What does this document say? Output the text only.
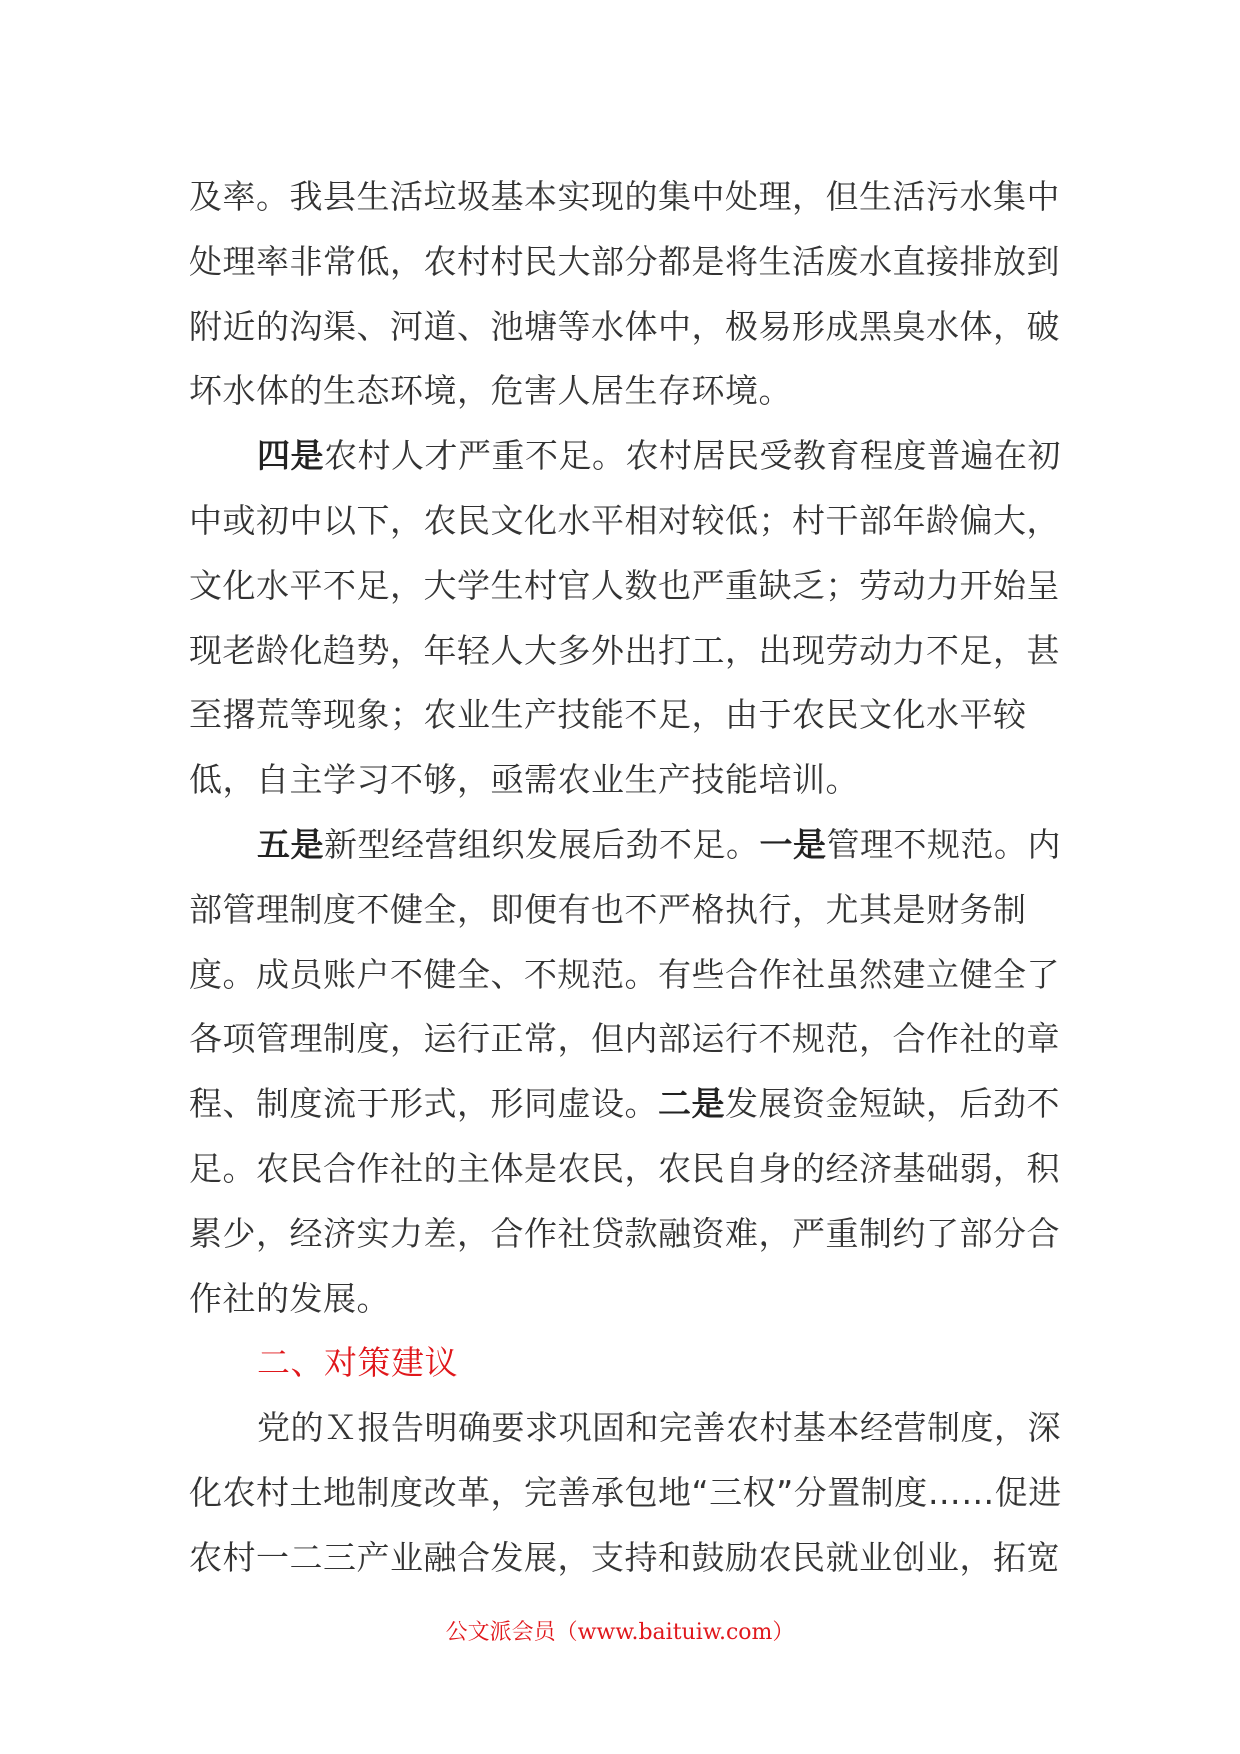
及率。我县生活垃圾基本实现的集中处理，但生活污水集中处理率非常低，农村村民大部分都是将生活废水直接排放到附近的沟渠、河道、池塘等水体中，极易形成黑臭水体，破坏水体的生态环境，危害人居生存环境。

四是农村人才严重不足。农村居民受教育程度普遍在初中或初中以下，农民文化水平相对较低；村干部年龄偏大，文化水平不足，大学生村官人数也严重缺乏；劳动力开始呈现老龄化趋势，年轻人大多外出打工，出现劳动力不足，甚至撂荒等现象；农业生产技能不足，由于农民文化水平较低，自主学习不够，亟需农业生产技能培训。

五是新型经营组织发展后劲不足。一是管理不规范。内部管理制度不健全，即便有也不严格执行，尤其是财务制度。成员账户不健全、不规范。有些合作社虽然建立健全了各项管理制度，运行正常，但内部运行不规范，合作社的章程、制度流于形式，形同虚设。二是发展资金短缺，后劲不足。农民合作社的主体是农民，农民自身的经济基础弱，积累少，经济实力差，合作社贷款融资难，严重制约了部分合作社的发展。

二、对策建议

党的Ｘ报告明确要求巩固和完善农村基本经营制度，深化农村土地制度改革，完善承包地“三权”分置制度……促进农村一二三产业融合发展，支持和鼓励农民就业创业，拓宽

公文派会员（www.baituiw.com）
